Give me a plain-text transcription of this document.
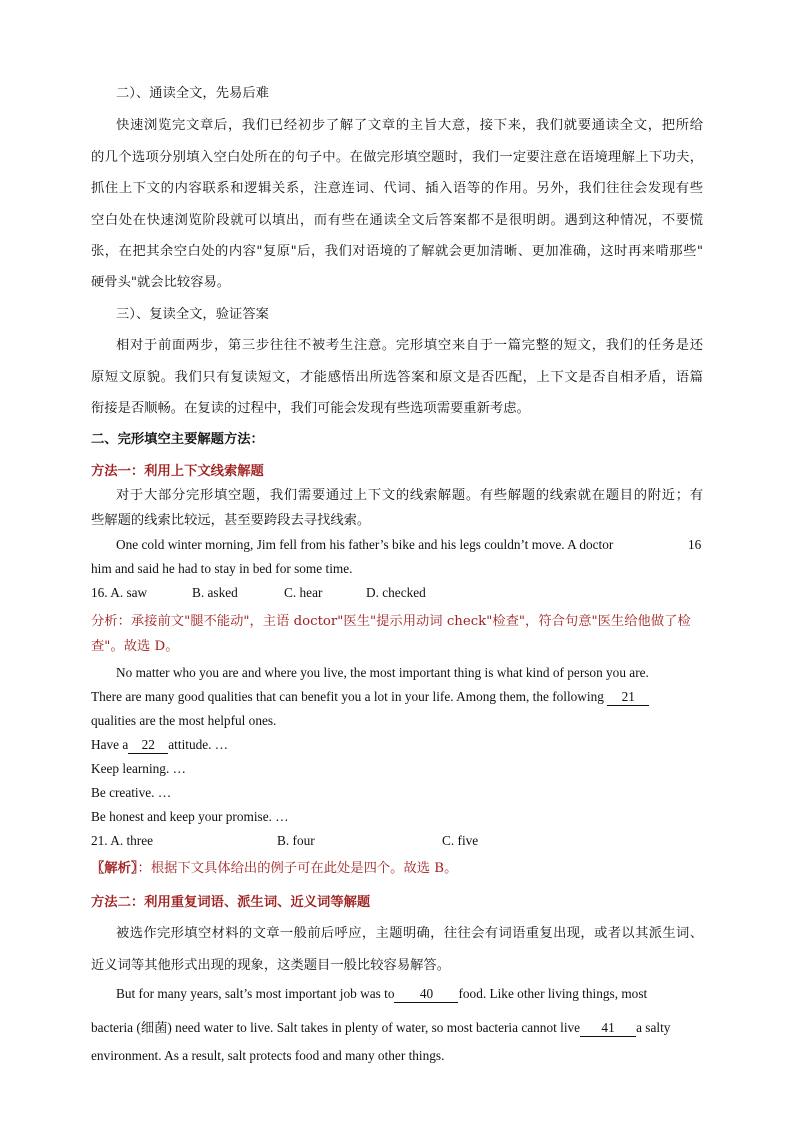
二）、通读全文，先易后难
快速浏览完文章后，我们已经初步了解了文章的主旨大意，接下来，我们就要通读全文，把所给
的几个选项分别填入空白处所在的句子中。在做完形填空题时，我们一定要注意在语境理解上下功夫，
抓住上下文的内容联系和逻辑关系，注意连词、代词、插入语等的作用。另外，我们往往会发现有些
空白处在快速浏览阶段就可以填出，而有些在通读全文后答案都不是很明朗。遇到这种情况，不要慌
张，在把其余空白处的内容"复原"后，我们对语境的了解就会更加清晰、更加准确，这时再来啃那些"
硬骨头"就会比较容易。
三）、复读全文，验证答案
相对于前面两步，第三步往往不被考生注意。完形填空来自于一篇完整的短文，我们的任务是还
原短文原貌。我们只有复读短文，才能感悟出所选答案和原文是否匹配，上下文是否自相矛盾，语篇
衔接是否顺畅。在复读的过程中，我们可能会发现有些选项需要重新考虑。
二、完形填空主要解题方法：
方法一：利用上下文线索解题
对于大部分完形填空题，我们需要通过上下文的线索解题。有些解题的线索就在题目的附近；有
些解题的线索比较远，甚至要跨段去寻找线索。
One cold winter morning, Jim fell from his father’s bike and his legs couldn’t move. A doctor	16
him and said he had to stay in bed for some time.
16. A. saw	B. asked	C. hear	D. checked
分析：承接前文"腿不能动"，主语 doctor"医生"提示用动词 check"检查"，符合句意"医生给他做了检
查"。故选 D。
No matter who you are and where you live, the most important thing is what kind of person you are.
There are many good qualities that can benefit you a lot in your life. Among them, the following 21
qualities are the most helpful ones.
Have a 22 attitude. …
Keep learning. …
Be creative. …
Be honest and keep your promise. …
21. A. three	B. four	C. five
〖解析〗：根据下文具体给出的例子可在此处是四个。故选 B。
方法二：利用重复词语、派生词、近义词等解题
被选作完形填空材料的文章一般前后呼应，主题明确，往往会有词语重复出现，或者以其派生词、
近义词等其他形式出现的现象，这类题目一般比较容易解答。
But for many years, salt’s most important job was to 40 food. Like other living things, most
bacteria (细菌) need water to live. Salt takes in plenty of water, so most bacteria cannot live 41 a salty
environment. As a result, salt protects food and many other things.
